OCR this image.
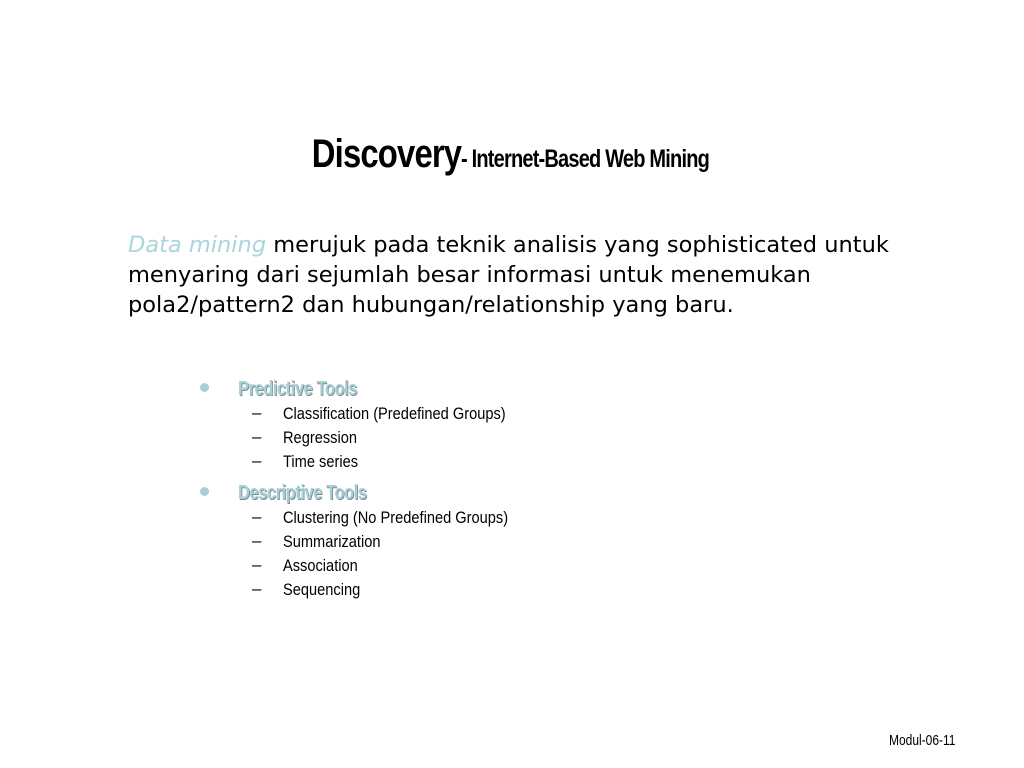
Discovery - Internet-Based Web Mining
Data mining merujuk pada teknik analisis yang sophisticated untuk menyaring dari sejumlah besar informasi untuk menemukan pola2/pattern2 dan hubungan/relationship yang baru.
Predictive Tools
– Classification (Predefined Groups)
– Regression
– Time series
Descriptive Tools
– Clustering (No Predefined Groups)
– Summarization
– Association
– Sequencing
Modul-06-11
